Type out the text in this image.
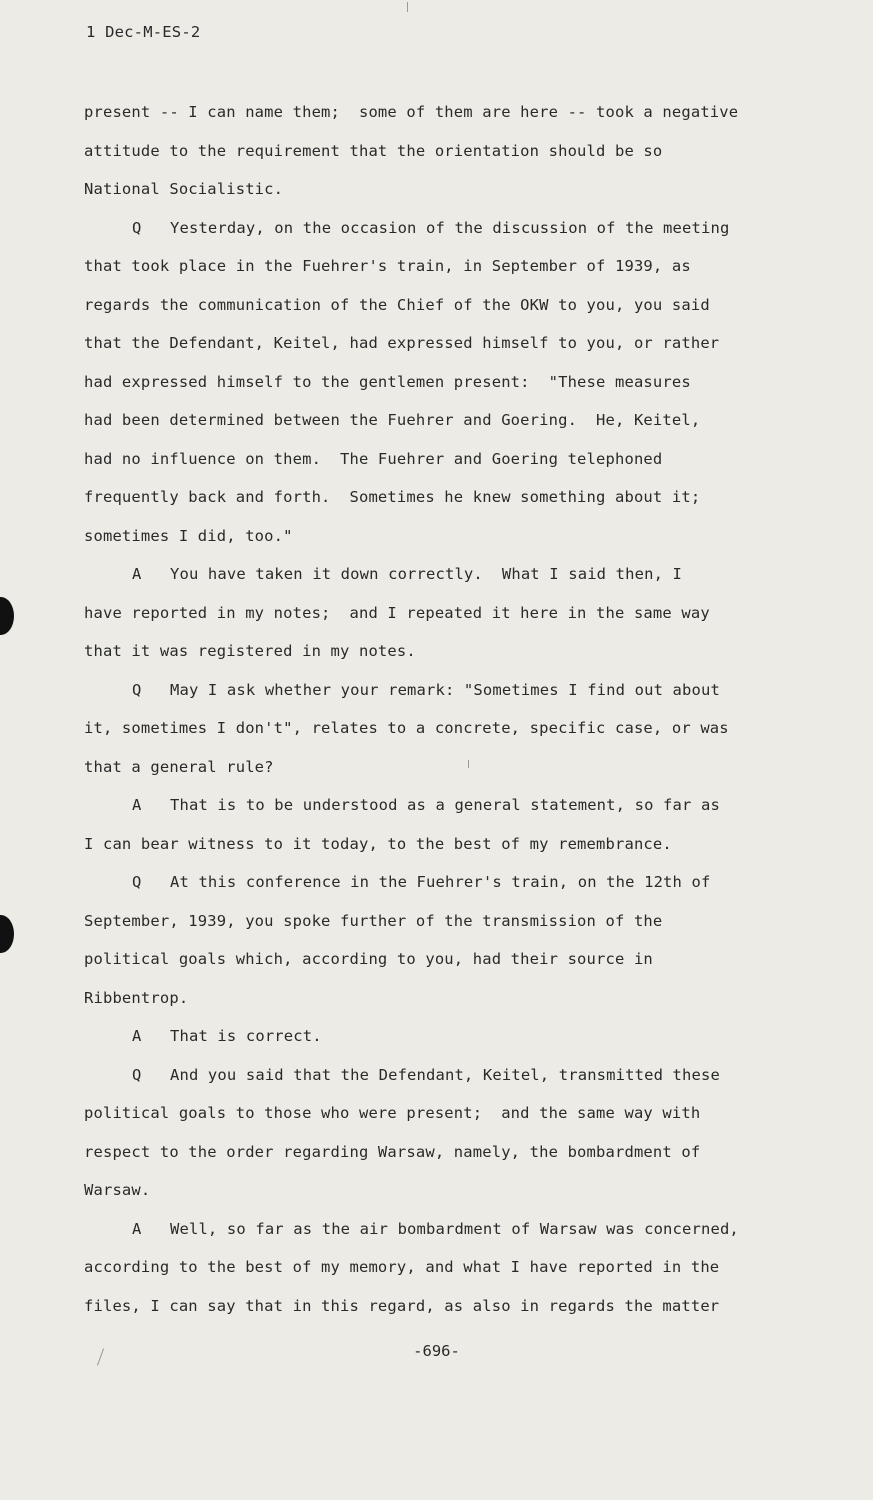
1 Dec-M-ES-2
present -- I can name them;  some of them are here -- took a negative
attitude to the requirement that the orientation should be so
National Socialistic.
Q Yesterday, on the occasion of the discussion of the meeting
that took place in the Fuehrer's train, in September of 1939, as
regards the communication of the Chief of the OKW to you, you said
that the Defendant, Keitel, had expressed himself to you, or rather
had expressed himself to the gentlemen present:  "These measures
had been determined between the Fuehrer and Goering.  He, Keitel,
had no influence on them.  The Fuehrer and Goering telephoned
frequently back and forth.  Sometimes he knew something about it;
sometimes I did, too."
A You have taken it down correctly.  What I said then, I
have reported in my notes;  and I repeated it here in the same way
that it was registered in my notes.
Q May I ask whether your remark: "Sometimes I find out about
it, sometimes I don't", relates to a concrete, specific case, or was
that a general rule?
A That is to be understood as a general statement, so far as
I can bear witness to it today, to the best of my remembrance.
Q At this conference in the Fuehrer's train, on the 12th of
September, 1939, you spoke further of the transmission of the
political goals which, according to you, had their source in
Ribbentrop.
A That is correct.
Q And you said that the Defendant, Keitel, transmitted these
political goals to those who were present;  and the same way with
respect to the order regarding Warsaw, namely, the bombardment of
Warsaw.
A Well, so far as the air bombardment of Warsaw was concerned,
according to the best of my memory, and what I have reported in the
files, I can say that in this regard, as also in regards the matter
-696-
